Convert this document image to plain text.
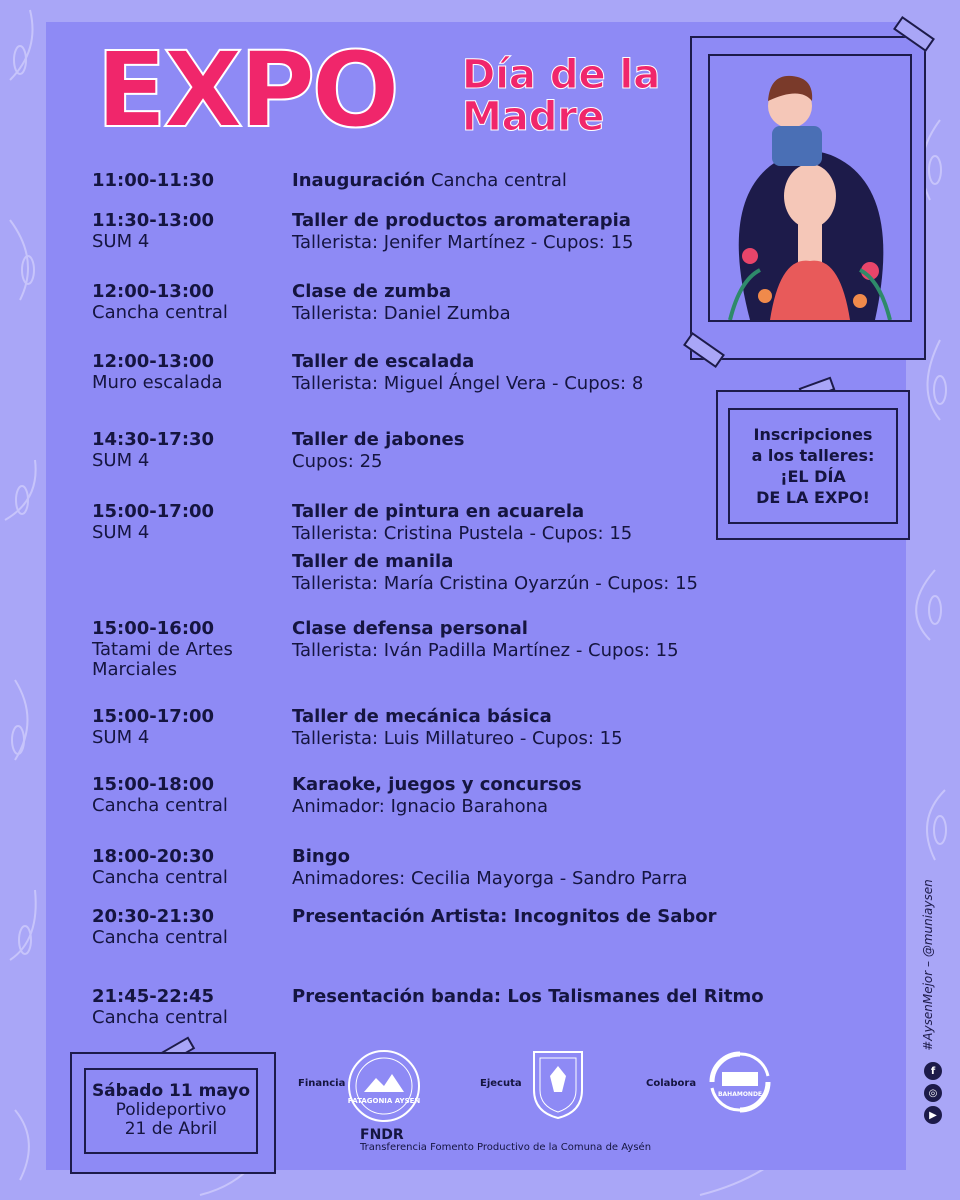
EXPO Día de la
Madre
11:00-11:30	Inauguración Cancha central
11:30-13:00
SUM 4
Taller de productos aromaterapia
Tallerista: Jenifer Martínez - Cupos: 15
12:00-13:00
Cancha central
Clase de zumba
Tallerista: Daniel Zumba
12:00-13:00
Muro escalada
Taller de escalada
Tallerista: Miguel Ángel Vera - Cupos: 8
14:30-17:30
SUM 4
Taller de jabones
Cupos: 25
15:00-17:00
SUM 4
Taller de pintura en acuarela
Tallerista: Cristina Pustela - Cupos: 15
Taller de manila
Tallerista: María Cristina Oyarzún - Cupos: 15
15:00-16:00
Tatami de Artes Marciales
Clase defensa personal
Tallerista: Iván Padilla Martínez - Cupos: 15
15:00-17:00
SUM 4
Taller de mecánica básica
Tallerista: Luis Millatureo - Cupos: 15
15:00-18:00
Cancha central
Karaoke, juegos y concursos
Animador: Ignacio Barahona
18:00-20:30
Cancha central
Bingo
Animadores: Cecilia Mayorga - Sandro Parra
20:30-21:30
Cancha central
Presentación Artista: Incognitos de Sabor
21:45-22:45
Cancha central
Presentación banda: Los Talismanes del Ritmo
Inscripciones
a los talleres:
¡EL DÍA
DE LA EXPO!
Sábado 11 mayo
Polideportivo
21 de Abril
Financia
PATAGONIA AYSEN
Ejecuta	Colabora
BAHAMONDE
FNDR
Transferencia Fomento Productivo de la Comuna de Aysén
#AysenMejor – @muniaysen
f
◎
▶
